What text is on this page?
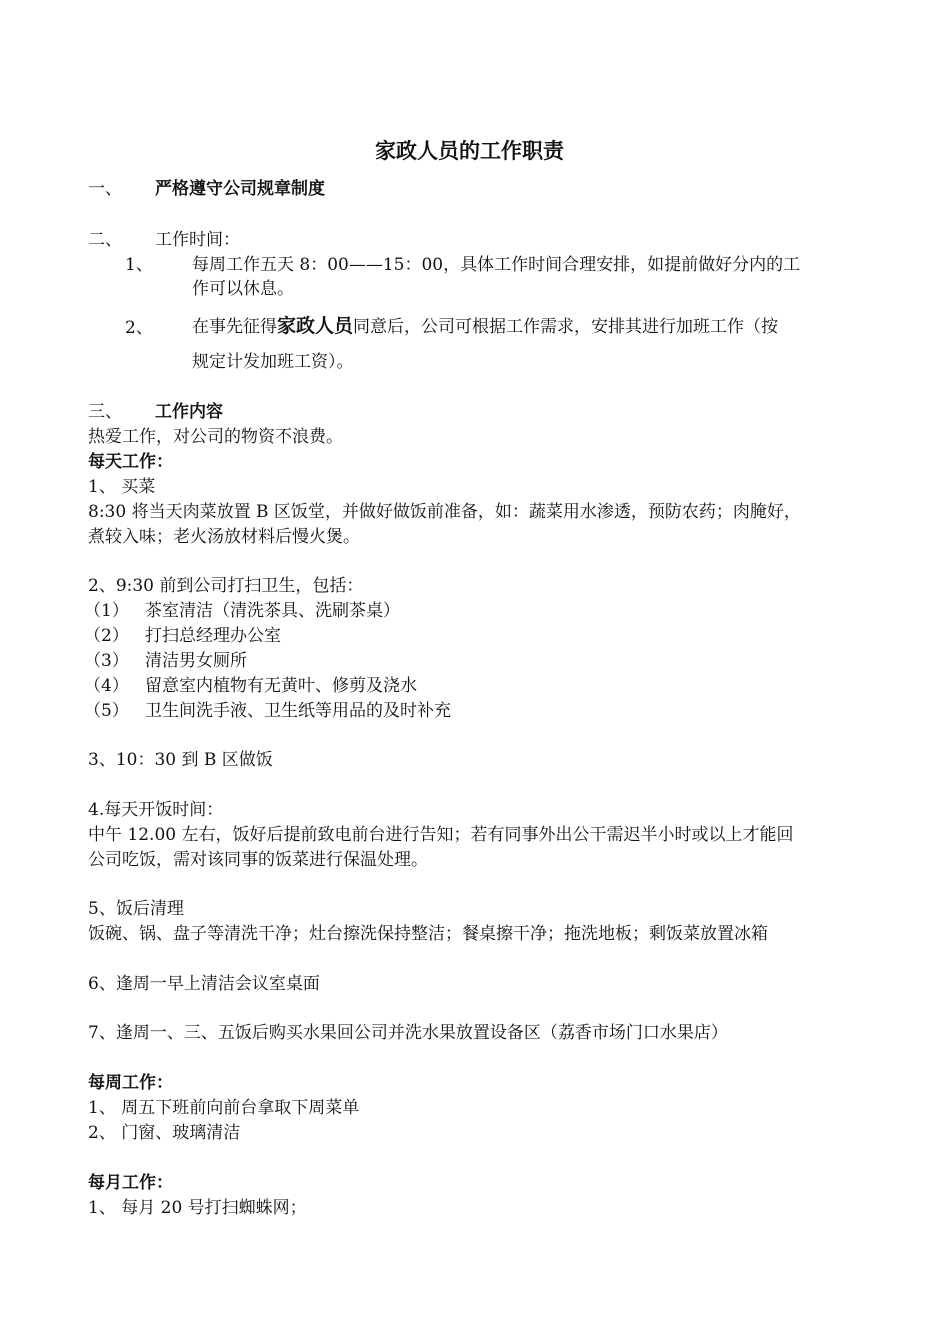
家政人员的工作职责
一、 严格遵守公司规章制度
二、 工作时间：
1、 每周工作五天 8：00——15：00，具体工作时间合理安排，如提前做好分内的工
作可以休息。
2、 在事先征得家政人员同意后，公司可根据工作需求，安排其进行加班工作（按
规定计发加班工资）。
三、 工作内容
热爱工作，对公司的物资不浪费。
每天工作：
1、 买菜
8:30 将当天肉菜放置 B 区饭堂，并做好做饭前准备，如：蔬菜用水渗透，预防农药；肉腌好，
煮较入味；老火汤放材料后慢火煲。
2、9:30 前到公司打扫卫生，包括：
（1） 茶室清洁（清洗茶具、洗刷茶桌）
（2） 打扫总经理办公室
（3） 清洁男女厕所
（4） 留意室内植物有无黄叶、修剪及浇水
（5） 卫生间洗手液、卫生纸等用品的及时补充
3、10：30 到 B 区做饭
4.每天开饭时间：
中午 12.00 左右，饭好后提前致电前台进行告知；若有同事外出公干需迟半小时或以上才能回
公司吃饭，需对该同事的饭菜进行保温处理。
5、饭后清理
饭碗、锅、盘子等清洗干净；灶台擦洗保持整洁；餐桌擦干净；拖洗地板；剩饭菜放置冰箱
6、逢周一早上清洁会议室桌面
7、逢周一、三、五饭后购买水果回公司并洗水果放置设备区（荔香市场门口水果店）
每周工作：
1、 周五下班前向前台拿取下周菜单
2、 门窗、玻璃清洁
每月工作：
1、 每月 20 号打扫蜘蛛网；
